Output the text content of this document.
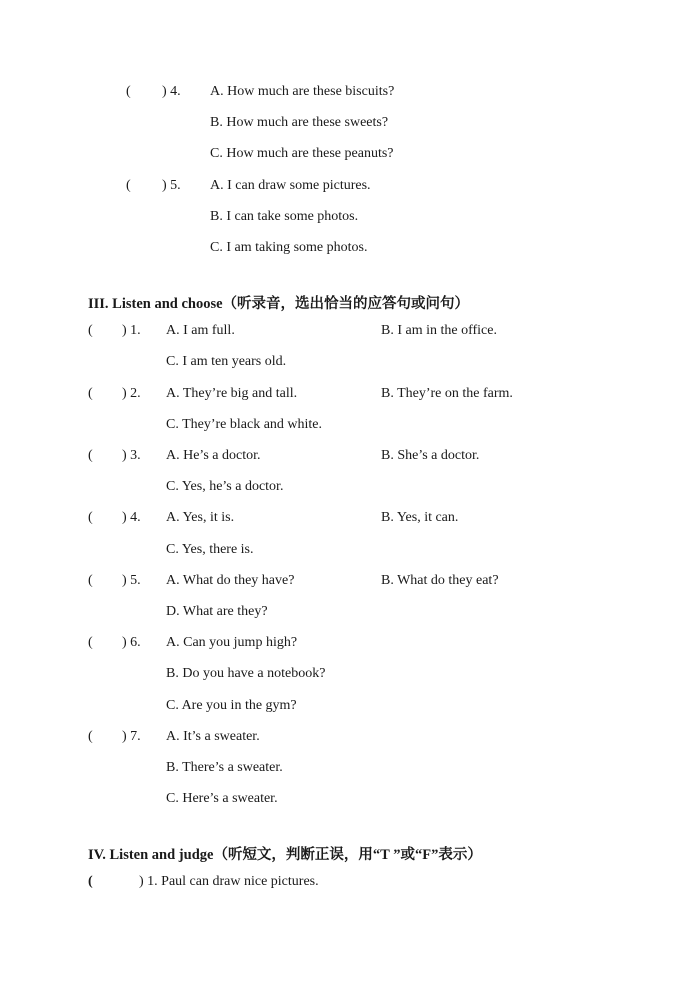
( ) 4. A. How much are these biscuits?
B. How much are these sweets?
C. How much are these peanuts?
( ) 5. A. I can draw some pictures.
B. I can take some photos.
C. I am taking some photos.
III. Listen and choose（听录音，选出恰当的应答句或问句）
( ) 1. A. I am full.	B. I am in the office.
C. I am ten years old.
( ) 2. A. They’re big and tall.	B. They’re on the farm.
C. They’re black and white.
( ) 3. A. He’s a doctor.	B. She’s a doctor.
C. Yes, he’s a doctor.
( ) 4. A. Yes, it is.	B. Yes, it can.
C. Yes, there is.
( ) 5. A. What do they have?	B. What do they eat?
D. What are they?
( ) 6. A. Can you jump high?
B. Do you have a notebook?
C. Are you in the gym?
( ) 7. A. It’s a sweater.
B. There’s a sweater.
C. Here’s a sweater.
IV. Listen and judge（听短文，判断正误，用“T ”或“F”表示）
(	) 1. Paul can draw nice pictures.
